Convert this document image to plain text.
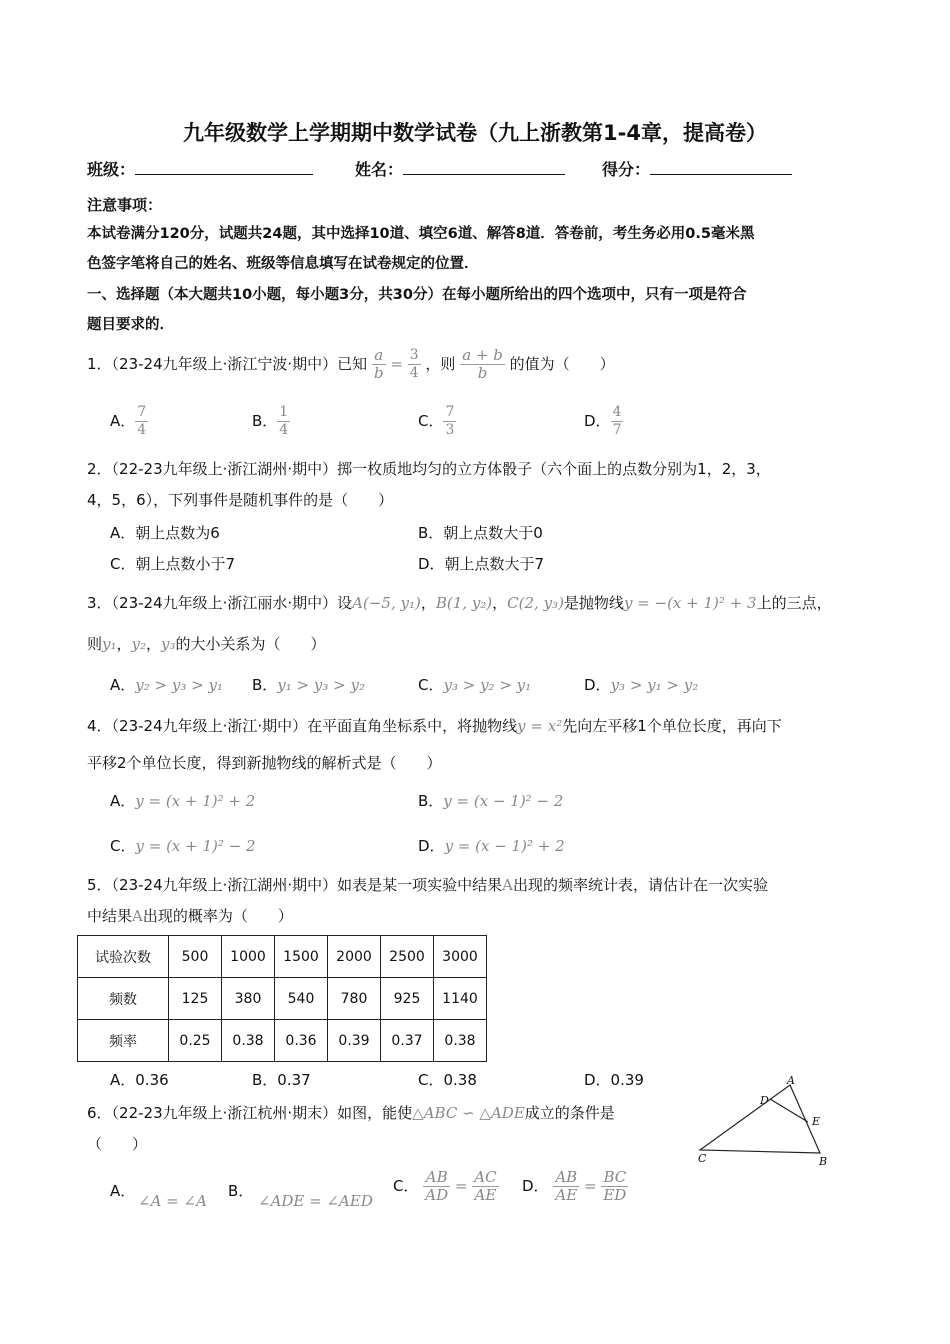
九年级数学上学期期中数学试卷（九上浙教第1-4章，提高卷）
班级：	姓名：	得分：
注意事项：
本试卷满分120分，试题共24题，其中选择10道、填空6道、解答8道．答卷前，考生务必用0.5毫米黑
色签字笔将自己的姓名、班级等信息填写在试卷规定的位置．
一、选择题（本大题共10小题，每小题3分，共30分）在每小题所给出的四个选项中，只有一项是符合
题目要求的．
1．（23-24九年级上·浙江宁波·期中）已知 $\frac{a}{b} = \frac{3}{4}$ ，则 $\frac{a + b}{b}$ 的值为（　　）
A． $\frac{7}{4}$	B． $\frac{1}{4}$	C． $\frac{7}{3}$	D． $\frac{4}{7}$
2．（22-23九年级上·浙江湖州·期中）掷一枚质地均匀的立方体骰子（六个面上的点数分别为1，2，3，
4，5，6），下列事件是随机事件的是（　　）
A．朝上点数为6	B．朝上点数大于0
C．朝上点数小于7	D．朝上点数大于7
3．（23-24九年级上·浙江丽水·期中）设A(−5, y₁)，B(1, y₂)，C(2, y₃)是抛物线y = −(x + 1)² + 3上的三点，
则y₁，y₂，y₃的大小关系为（　　）
A．y₂ > y₃ > y₁ B．y₁ > y₃ > y₂	C．y₃ > y₂ > y₁	D．y₃ > y₁ > y₂
4．（23-24九年级上·浙江·期中）在平面直角坐标系中，将抛物线y = x²先向左平移1个单位长度，再向下
平移2个单位长度，得到新抛物线的解析式是（　　）
A．y = (x + 1)² + 2	B．y = (x − 1)² − 2
C．y = (x + 1)² − 2	D．y = (x − 1)² + 2
5．（23-24九年级上·浙江湖州·期中）如表是某一项实验中结果A出现的频率统计表，请估计在一次实验
中结果A出现的概率为（　　）
试验次数	500	1000	1500	2000	2500	3000
频数	125	380	540	780	925	1140
频率	0.25	0.38	0.36	0.39	0.37	0.38
A．0.36	B．0.37	C．0.38	D．0.39
6．（22-23九年级上·浙江杭州·期末）如图，能使△ABC ∽ △ADE成立的条件是
（　　）
A
B
C
D
E
A．
∠A = ∠A
B．
∠ADE = ∠AED
C． $\frac{AB}{AD} = \frac{AC}{AE}$ D． $\frac{AB}{AE} = \frac{BC}{ED}$
